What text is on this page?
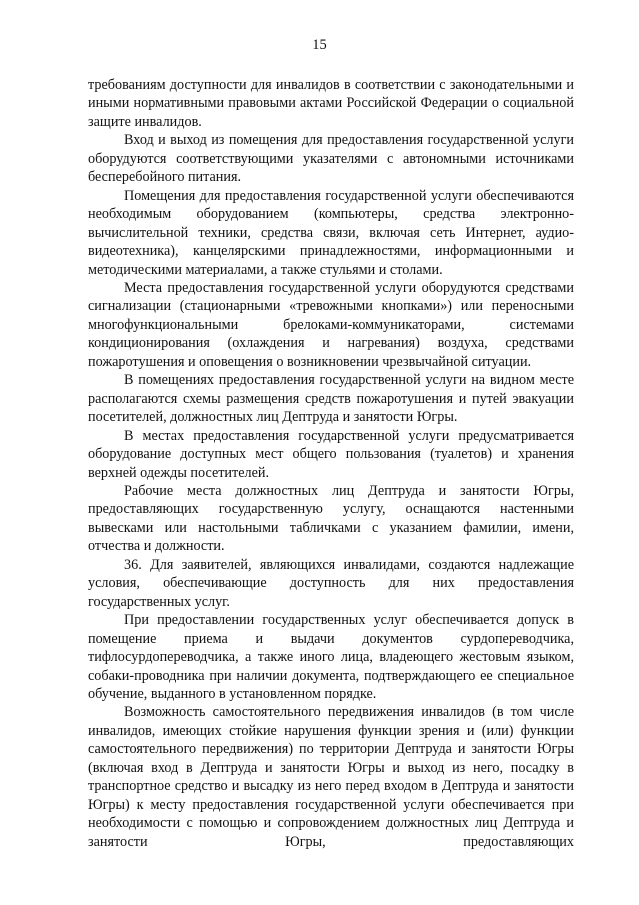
15

требованиям доступности для инвалидов в соответствии с законодательными и иными нормативными правовыми актами Российской Федерации о социальной защите инвалидов.

Вход и выход из помещения для предоставления государственной услуги оборудуются соответствующими указателями с автономными источниками бесперебойного питания.

Помещения для предоставления государственной услуги обеспечиваются необходимым оборудованием (компьютеры, средства электронно-вычислительной техники, средства связи, включая сеть Интернет, аудио-видеотехника), канцелярскими принадлежностями, информационными и методическими материалами, а также стульями и столами.

Места предоставления государственной услуги оборудуются средствами сигнализации (стационарными «тревожными кнопками») или переносными многофункциональными брелоками-коммуникаторами, системами кондиционирования (охлаждения и нагревания) воздуха, средствами пожаротушения и оповещения о возникновении чрезвычайной ситуации.

В помещениях предоставления государственной услуги на видном месте располагаются схемы размещения средств пожаротушения и путей эвакуации посетителей, должностных лиц Дептруда и занятости Югры.

В местах предоставления государственной услуги предусматривается оборудование доступных мест общего пользования (туалетов) и хранения верхней одежды посетителей.

Рабочие места должностных лиц Дептруда и занятости Югры, предоставляющих государственную услугу, оснащаются настенными вывесками или настольными табличками с указанием фамилии, имени, отчества и должности.

36. Для заявителей, являющихся инвалидами, создаются надлежащие условия, обеспечивающие доступность для них предоставления государственных услуг.

При предоставлении государственных услуг обеспечивается допуск в помещение приема и выдачи документов сурдопереводчика, тифлосурдопереводчика, а также иного лица, владеющего жестовым языком, собаки-проводника при наличии документа, подтверждающего ее специальное обучение, выданного в установленном порядке.

Возможность самостоятельного передвижения инвалидов (в том числе инвалидов, имеющих стойкие нарушения функции зрения и (или) функции самостоятельного передвижения) по территории Дептруда и занятости Югры (включая вход в Дептруда и занятости Югры и выход из него, посадку в транспортное средство и высадку из него перед входом в Дептруда и занятости Югры) к месту предоставления государственной услуги обеспечивается при необходимости с помощью и сопровождением должностных лиц Дептруда и занятости Югры, предоставляющих
